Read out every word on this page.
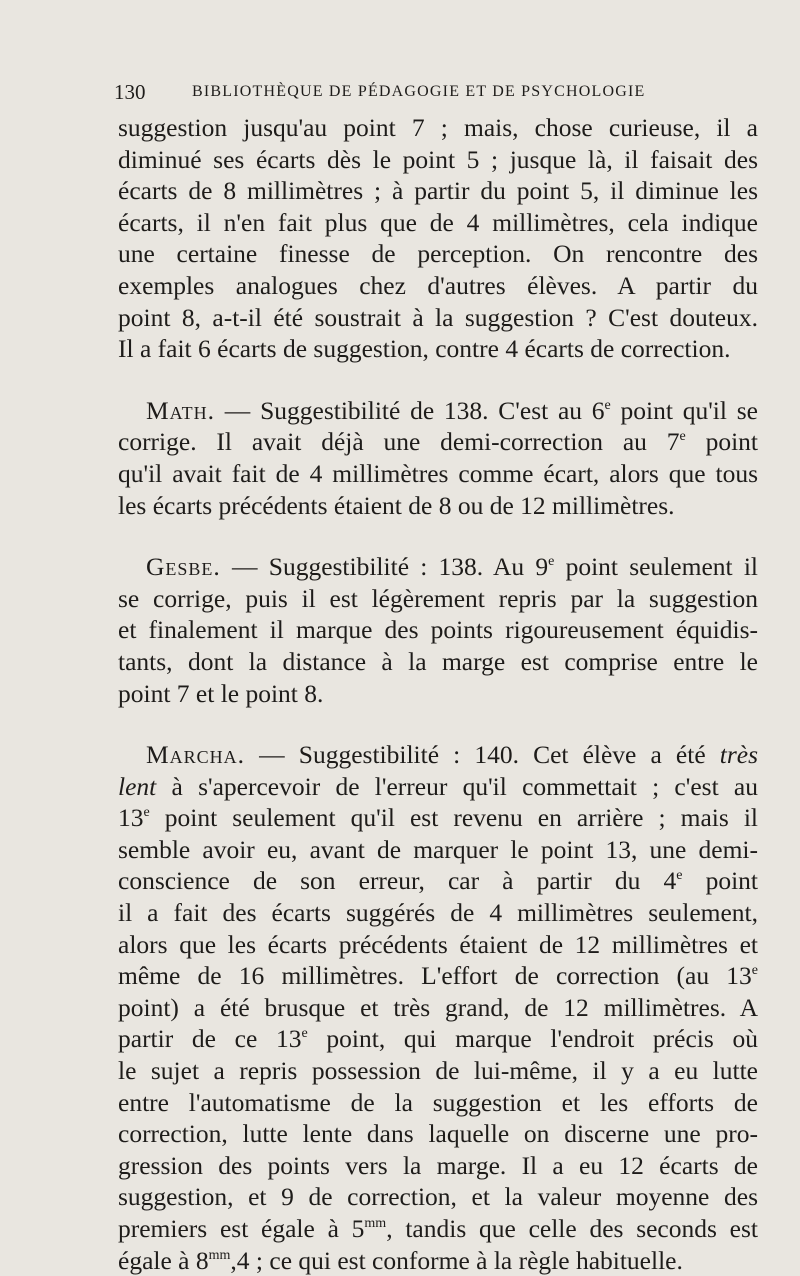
130	BIBLIOTHÈQUE DE PÉDAGOGIE ET DE PSYCHOLOGIE

suggestion jusqu'au point 7 ; mais, chose curieuse, il a
diminué ses écarts dès le point 5 ; jusque là, il faisait des
écarts de 8 millimètres ; à partir du point 5, il diminue les
écarts, il n'en fait plus que de 4 millimètres, cela indique
une certaine finesse de perception. On rencontre des
exemples analogues chez d'autres élèves. A partir du
point 8, a-t-il été soustrait à la suggestion ? C'est douteux.
Il a fait 6 écarts de suggestion, contre 4 écarts de correction.

Math. — Suggestibilité de 138. C'est au 6e point qu'il se
corrige. Il avait déjà une demi-correction au 7e point
qu'il avait fait de 4 millimètres comme écart, alors que tous
les écarts précédents étaient de 8 ou de 12 millimètres.

Gesbe. — Suggestibilité : 138. Au 9e point seulement il
se corrige, puis il est légèrement repris par la suggestion
et finalement il marque des points rigoureusement équidis-
tants, dont la distance à la marge est comprise entre le
point 7 et le point 8.

Marcha. — Suggestibilité : 140. Cet élève a été très
lent à s'apercevoir de l'erreur qu'il commettait ; c'est au
13e point seulement qu'il est revenu en arrière ; mais il
semble avoir eu, avant de marquer le point 13, une demi-
conscience de son erreur, car à partir du 4e point
il a fait des écarts suggérés de 4 millimètres seulement,
alors que les écarts précédents étaient de 12 millimètres et
même de 16 millimètres. L'effort de correction (au 13e
point) a été brusque et très grand, de 12 millimètres. A
partir de ce 13e point, qui marque l'endroit précis où
le sujet a repris possession de lui-même, il y a eu lutte
entre l'automatisme de la suggestion et les efforts de
correction, lutte lente dans laquelle on discerne une pro-
gression des points vers la marge. Il a eu 12 écarts de
suggestion, et 9 de correction, et la valeur moyenne des
premiers est égale à $5^{mm}$, tandis que celle des seconds est
égale à $8^{mm},4$ ; ce qui est conforme à la règle habituelle.
